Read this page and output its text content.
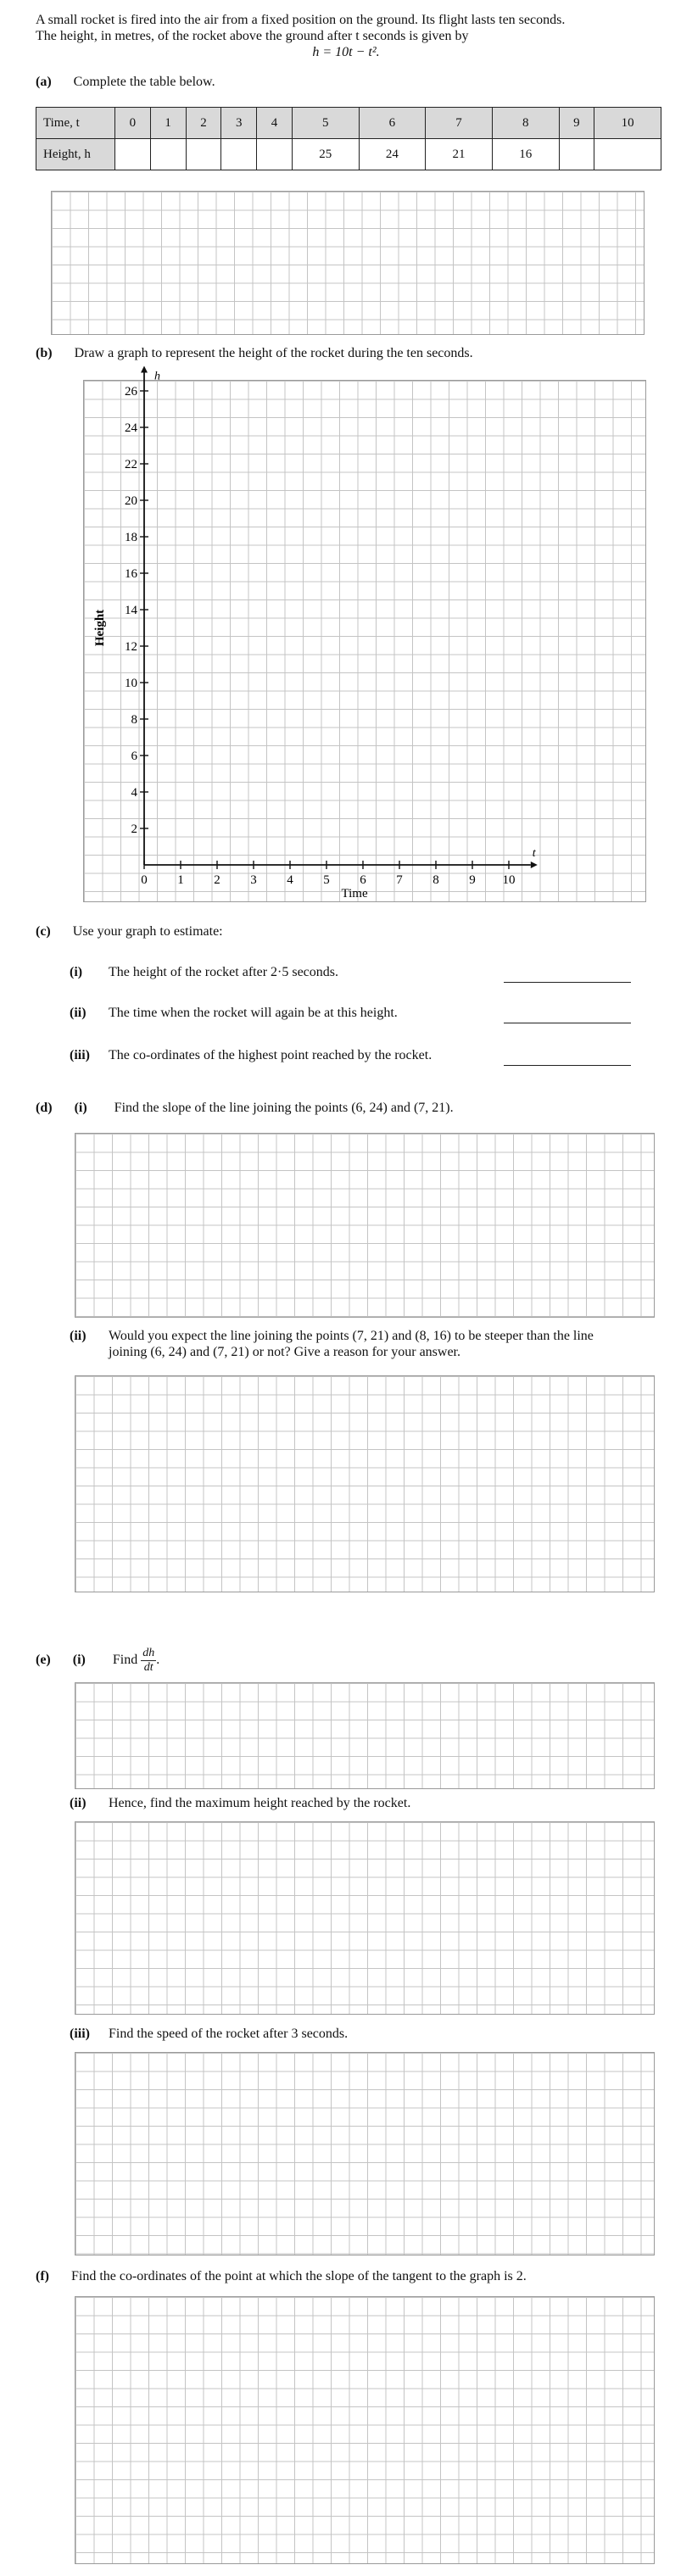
A small rocket is fired into the air from a fixed position on the ground. Its flight lasts ten seconds.
The height, in metres, of the rocket above the ground after t seconds is given by
h = 10t − t².
(a) Complete the table below.
Time, t	0	1	2	3	4	5	6	7	8	9	10
Height, h						25	24	21	16		
(b) Draw a graph to represent the height of the rocket during the ten seconds.
0 1 2 3 4 5 6 7 8 9 10
2
4
6
8
10
12
14
16
18
20
22
24
26
h
t
Time
Height
(c) Use your graph to estimate:
(i) The height of the rocket after 2·5 seconds.
(ii) The time when the rocket will again be at this height.
(iii) The co-ordinates of the highest point reached by the rocket.
(d) (i) Find the slope of the line joining the points (6, 24) and (7, 21).
(ii) Would you expect the line joining the points (7, 21) and (8, 16) to be steeper than the line
joining (6, 24) and (7, 21) or not? Give a reason for your answer.
(e) (i) Find $\frac{dh}{dt}$ .
(ii) Hence, find the maximum height reached by the rocket.
(iii) Find the speed of the rocket after 3 seconds.
(f) Find the co-ordinates of the point at which the slope of the tangent to the graph is 2.
